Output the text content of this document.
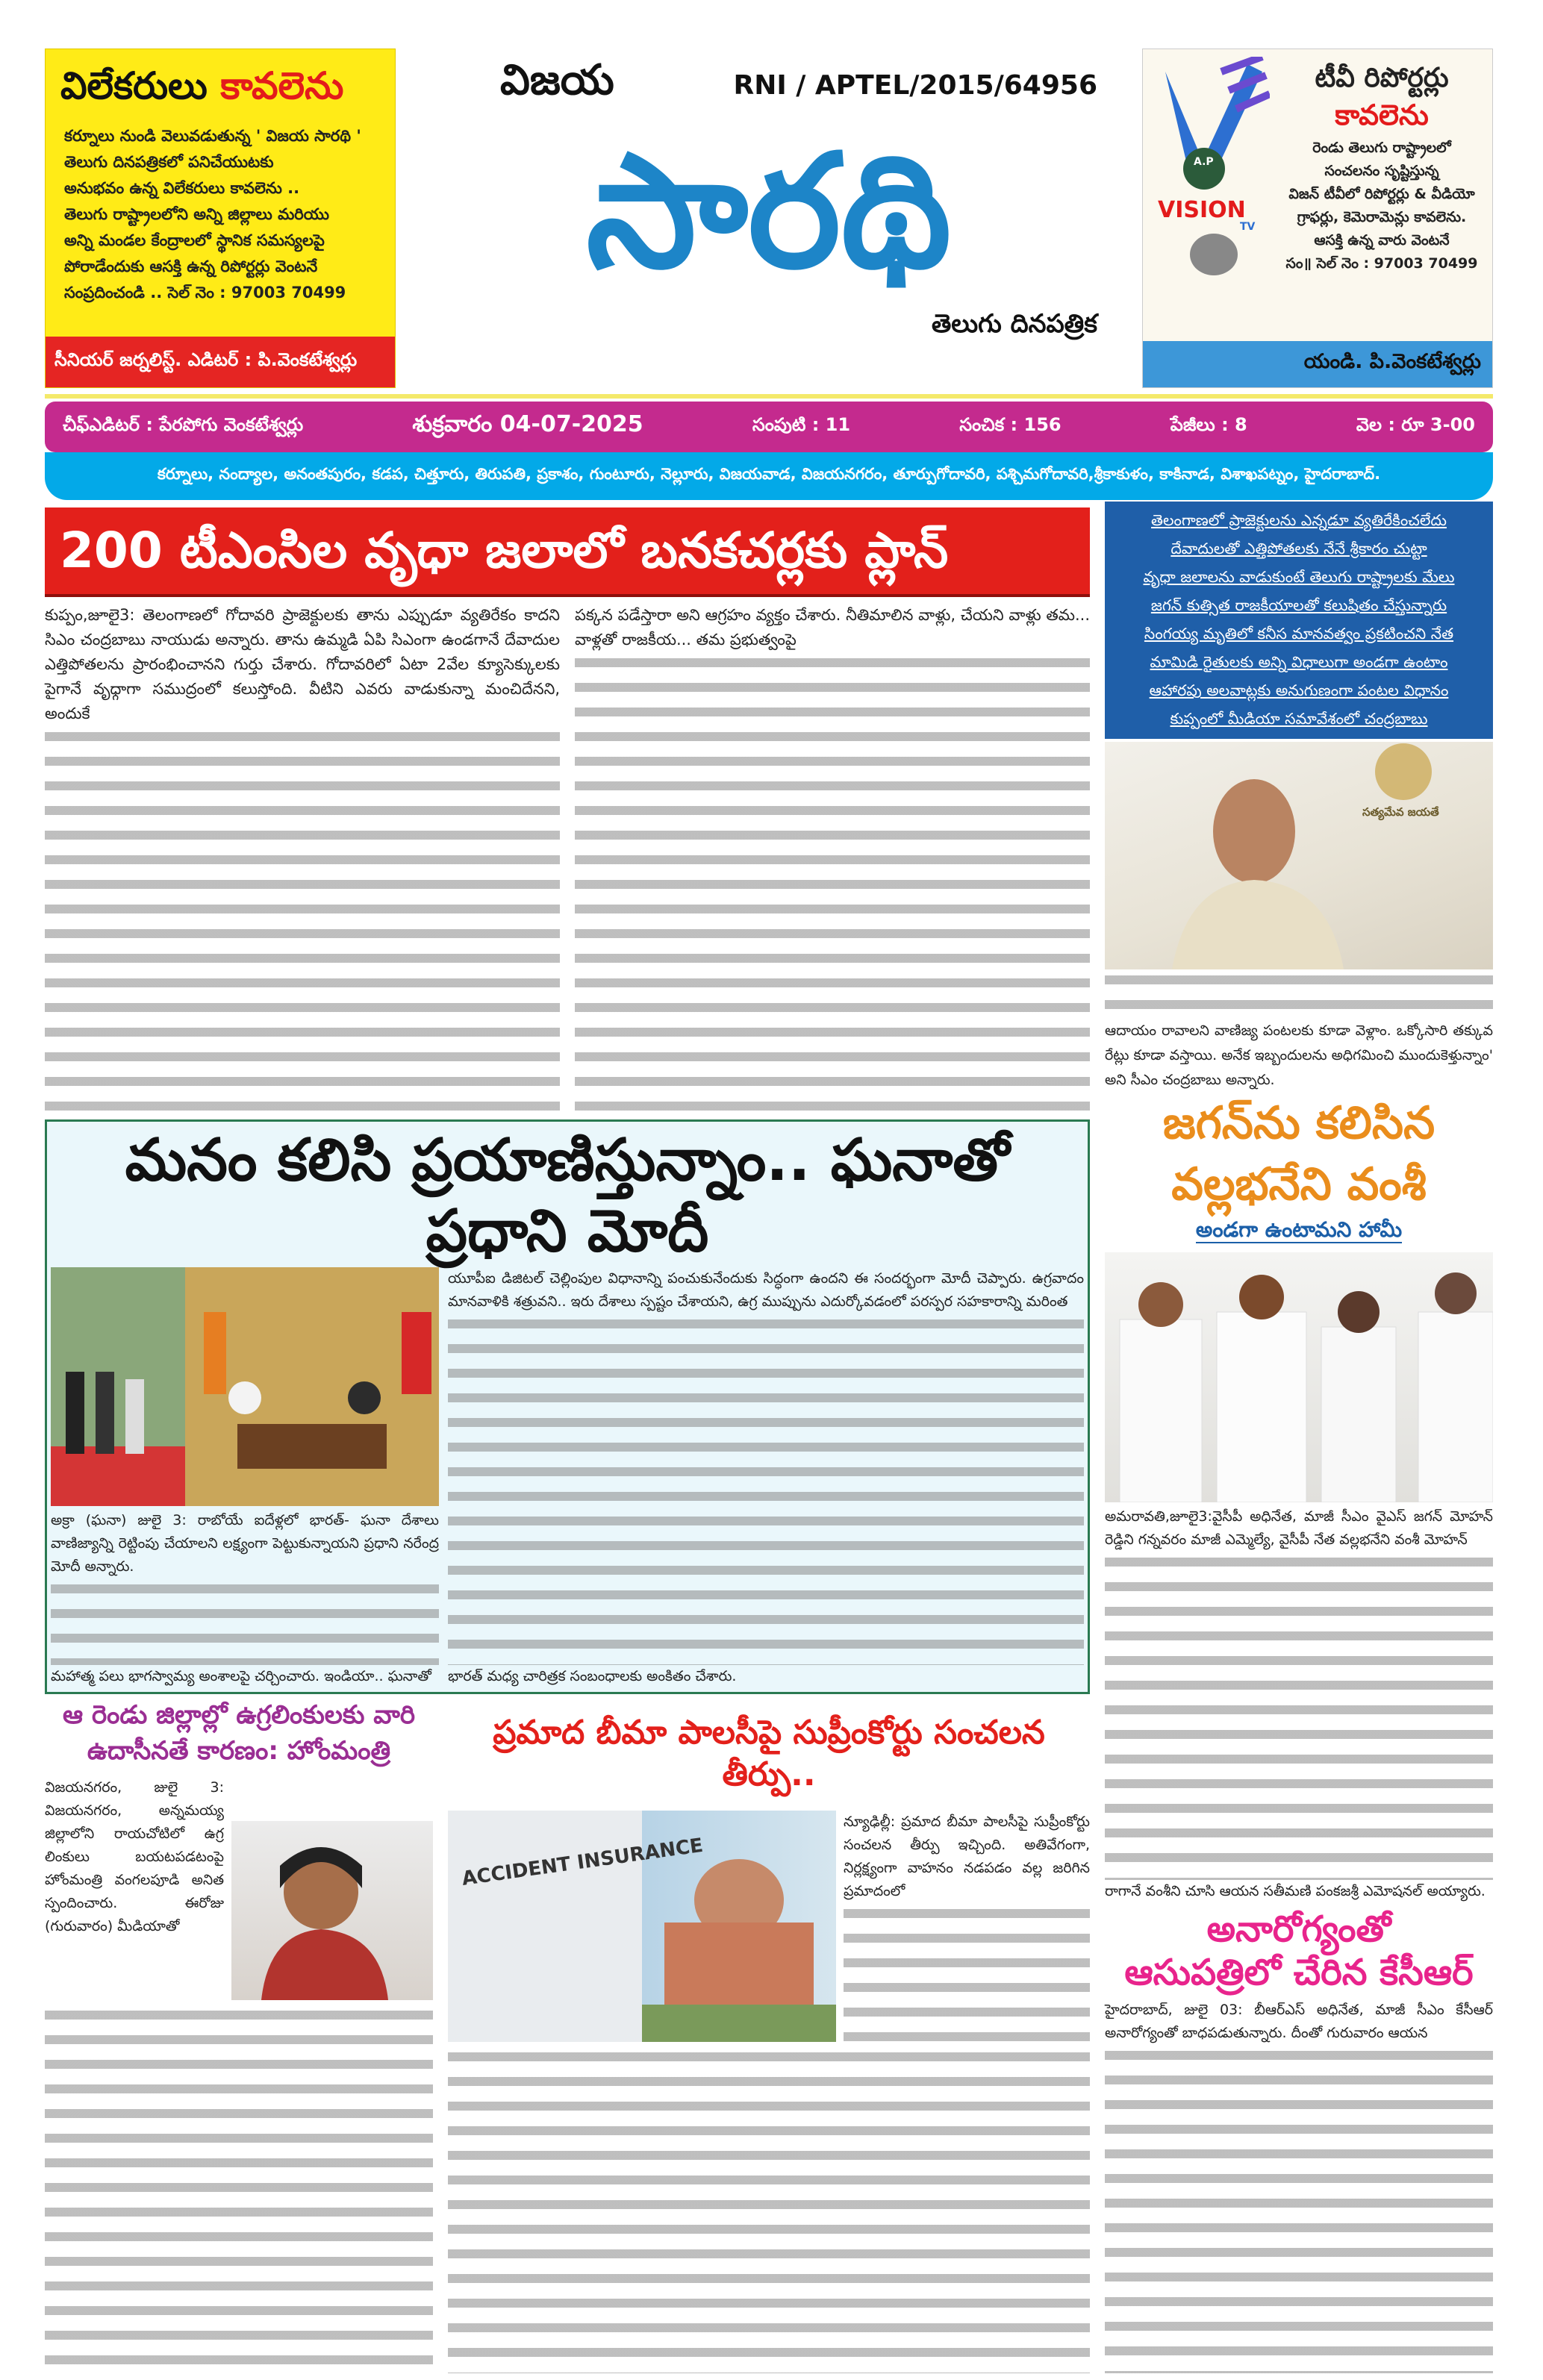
విలేకరులు కావలెను
కర్నూలు నుండి వెలువడుతున్న ' విజయ సారథి '
తెలుగు దినపత్రికలో పనిచేయుటకు
అనుభవం ఉన్న విలేకరులు కావలెను ..
తెలుగు రాష్ట్రాలలోని అన్ని జిల్లాలు మరియు
అన్ని మండల కేంద్రాలలో స్థానిక సమస్యలపై
పోరాడేందుకు ఆసక్తి ఉన్న రిపోర్టర్లు వెంటనే
సంప్రదించండి .. సెల్ నెం : 97003 70499
సీనియర్ జర్నలిస్ట్. ఎడిటర్ : పి.వెంకటేశ్వర్లు
విజయ	RNI / APTEL/2015/64956
సారథి
తెలుగు దినపత్రిక
A.P
VISION
TV
టీవీ రిపోర్టర్లు
కావలెను
రెండు తెలుగు రాష్ట్రాలలో
సంచలనం సృష్టిస్తున్న
విజన్ టీవీలో రిపోర్టర్లు & వీడియో
గ్రాఫర్లు, కెమెరామెన్లు కావలెను.
ఆసక్తి ఉన్న వారు వెంటనే
సం॥ సెల్ నెం : 97003 70499
యండి. పి.వెంకటేశ్వర్లు
చీఫ్ఎడిటర్ : పేరపోగు వెంకటేశ్వర్లు	శుక్రవారం 04-07-2025	సంపుటి : 11	సంచిక : 156	పేజీలు : 8	వెల : రూ 3-00
కర్నూలు, నంద్యాల, అనంతపురం, కడప, చిత్తూరు, తిరుపతి, ప్రకాశం, గుంటూరు, నెల్లూరు, విజయవాడ, విజయనగరం, తూర్పుగోదావరి, పశ్చిమగోదావరి,శ్రీకాకుళం, కాకినాడ, విశాఖపట్నం, హైదరాబాద్.
200 టీఎంసిల వృధా జలాలో బనకచర్లకు ప్లాన్
కుప్పం,జూలై3: తెలంగాణలో గోదావరి ప్రాజెక్టులకు తాను ఎప్పుడూ వ్యతిరేకం కాదని సిఎం చంద్రబాబు నాయుడు అన్నారు. తాను ఉమ్మడి ఏపి సిఎంగా ఉండగానే దేవాదుల ఎత్తిపోతలను ప్రారంభించానని గుర్తు చేశారు. గోదావరిలో ఏటా 2వేల క్యూసెక్కులకు పైగానే వృధ్గాగా సముద్రంలో కలుస్తోంది. వీటిని ఎవరు వాడుకున్నా మంచిదేనని, అందుకే
పక్కన పడేస్తారా అని ఆగ్రహం వ్యక్తం చేశారు. నీతిమాలిన వాళ్లు, చేయని వాళ్లు తమ... వాళ్లతో రాజకీయ... తమ ప్రభుత్వంపై
మనం కలిసి ప్రయాణిస్తున్నాం.. ఘనాతో ప్రధాని మోదీ
అక్రా (ఘనా) జులై 3: రాబోయే ఐదేళ్లలో భారత్- ఘనా దేశాలు వాణిజ్యాన్ని రెట్టింపు చేయాలని లక్ష్యంగా పెట్టుకున్నాయని ప్రధాని నరేంద్ర మోదీ అన్నారు.
మహాత్మ పలు భాగస్వామ్య అంశాలపై చర్చించారు. ఇండియా.. ఘనాతో
యూపీఐ డిజిటల్ చెల్లింపుల విధానాన్ని పంచుకునేందుకు సిద్ధంగా ఉందని ఈ సందర్భంగా మోదీ చెప్పారు. ఉగ్రవాదం మానవాళికి శత్రువని.. ఇరు దేశాలు స్పష్టం చేశాయని, ఉగ్ర ముప్పును ఎదుర్కోవడంలో పరస్పర సహకారాన్ని మరింత
భారత్ మధ్య చారిత్రక సంబంధాలకు అంకితం చేశారు.
ఆ రెండు జిల్లాల్లో ఉగ్రలింకులకు వారి
ఉదాసీనతే కారణం: హోంమంత్రి
విజయనగరం, జులై 3: విజయనగరం, అన్నమయ్య జిల్లాలోని రాయచోటిలో ఉగ్ర లింకులు బయటపడటంపై హోంమంత్రి వంగలపూడి అనిత స్పందించారు. ఈరోజు (గురువారం) మీడియాతో
ప్రమాద బీమా పాలసీపై సుప్రీంకోర్టు సంచలన తీర్పు..
ACCIDENT INSURANCE
న్యూఢిల్లీ: ప్రమాద బీమా పాలసీపై సుప్రీంకోర్టు సంచలన తీర్పు ఇచ్చింది. అతివేగంగా, నిర్లక్ష్యంగా వాహనం నడపడం వల్ల జరిగిన ప్రమాదంలో
తెలంగాణలో ప్రాజెక్టులను ఎన్నడూ వ్యతిరేకించలేదు
దేవాదులతో ఎత్తిపోతలకు నేనే శ్రీకారం చుట్టా
వృధా జలాలను వాడుకుంటే తెలుగు రాష్ట్రాలకు మేలు
జగన్ కుత్సిత రాజకీయాలతో కలుషితం చేస్తున్నారు
సింగయ్య మృతిలో కనీస మానవత్వం ప్రకటించని నేత
మామిడి రైతులకు అన్ని విధాలుగా అండగా ఉంటాం
ఆహారపు అలవాట్లకు అనుగుణంగా పంటల విధానం
కుప్పంలో మీడియా సమావేశంలో చంద్రబాబు
సత్యమేవ జయతే
ఆదాయం రావాలని వాణిజ్య పంటలకు కూడా వెళ్లాం. ఒక్కోసారి తక్కువ రేట్లు కూడా వస్తాయి. అనేక ఇబ్బందులను అధిగమించి ముందుకెళ్తున్నాం' అని సీఎం చంద్రబాబు అన్నారు.
జగన్‌ను కలిసిన
వల్లభనేని వంశీ
అండగా ఉంటామని హామీ
అమరావతి,జూలై3:వైసీపీ అధినేత, మాజీ సీఎం వైఎస్ జగన్ మోహన్ రెడ్డిని గన్నవరం మాజీ ఎమ్మెల్యే, వైసీపీ నేత వల్లభనేని వంశీ మోహన్
రాగానే వంశీని చూసి ఆయన సతీమణి పంకజశ్రీ ఎమోషనల్ అయ్యారు.
అనారోగ్యంతో
ఆసుపత్రిలో చేరిన కేసీఆర్
హైదరాబాద్, జులై 03: బీఆర్ఎస్ అధినేత, మాజీ సీఎం కేసీఆర్ అనారోగ్యంతో బాధపడుతున్నారు. దీంతో గురువారం ఆయన
